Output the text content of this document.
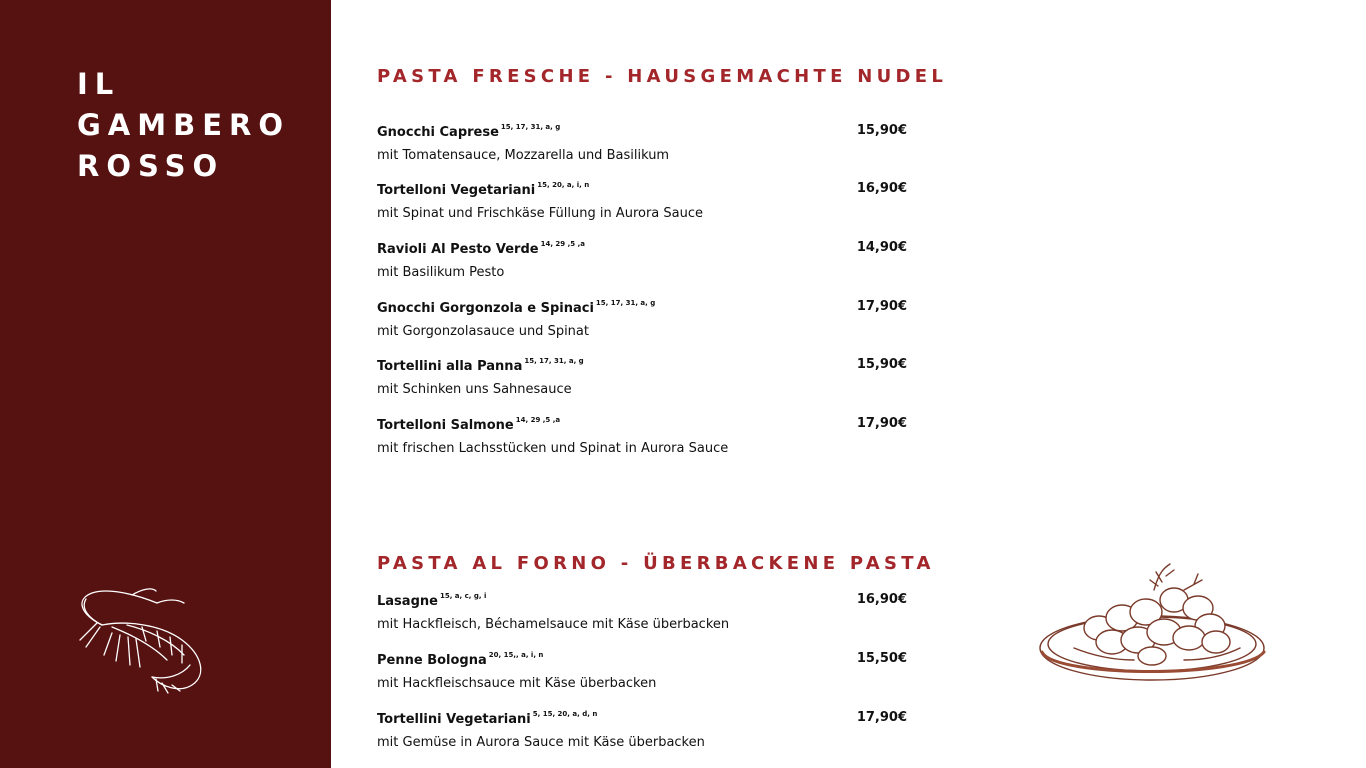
IL
GAMBERO
ROSSO
PASTA FRESCHE - HAUSGEMACHTE NUDEL
Gnocchi Caprese $^{15, 17, 31, a, g}$	15,90€
mit Tomatensauce, Mozzarella und Basilikum
Tortelloni Vegetariani $^{15, 20, a, i, n}$	16,90€
mit Spinat und Frischkäse Füllung in Aurora Sauce
Ravioli Al Pesto Verde $^{14, 29 ,5 ,a}$	14,90€
mit Basilikum Pesto
Gnocchi Gorgonzola e Spinaci $^{15, 17, 31, a, g}$	17,90€
mit Gorgonzolasauce und Spinat
Tortellini alla Panna $^{15, 17, 31, a, g}$	15,90€
mit Schinken uns Sahnesauce
Tortelloni Salmone $^{14, 29 ,5 ,a}$	17,90€
mit frischen Lachsstücken und Spinat in Aurora Sauce
PASTA AL FORNO - ÜBERBACKENE PASTA
Lasagne $^{15, a, c, g, i}$	16,90€
mit Hackfleisch, Béchamelsauce mit Käse überbacken
Penne Bologna $^{20, 15,, a, i, n}$	15,50€
mit Hackfleischsauce mit Käse überbacken
Tortellini Vegetariani $^{5, 15, 20, a, d, n}$	17,90€
mit Gemüse in Aurora Sauce mit Käse überbacken
